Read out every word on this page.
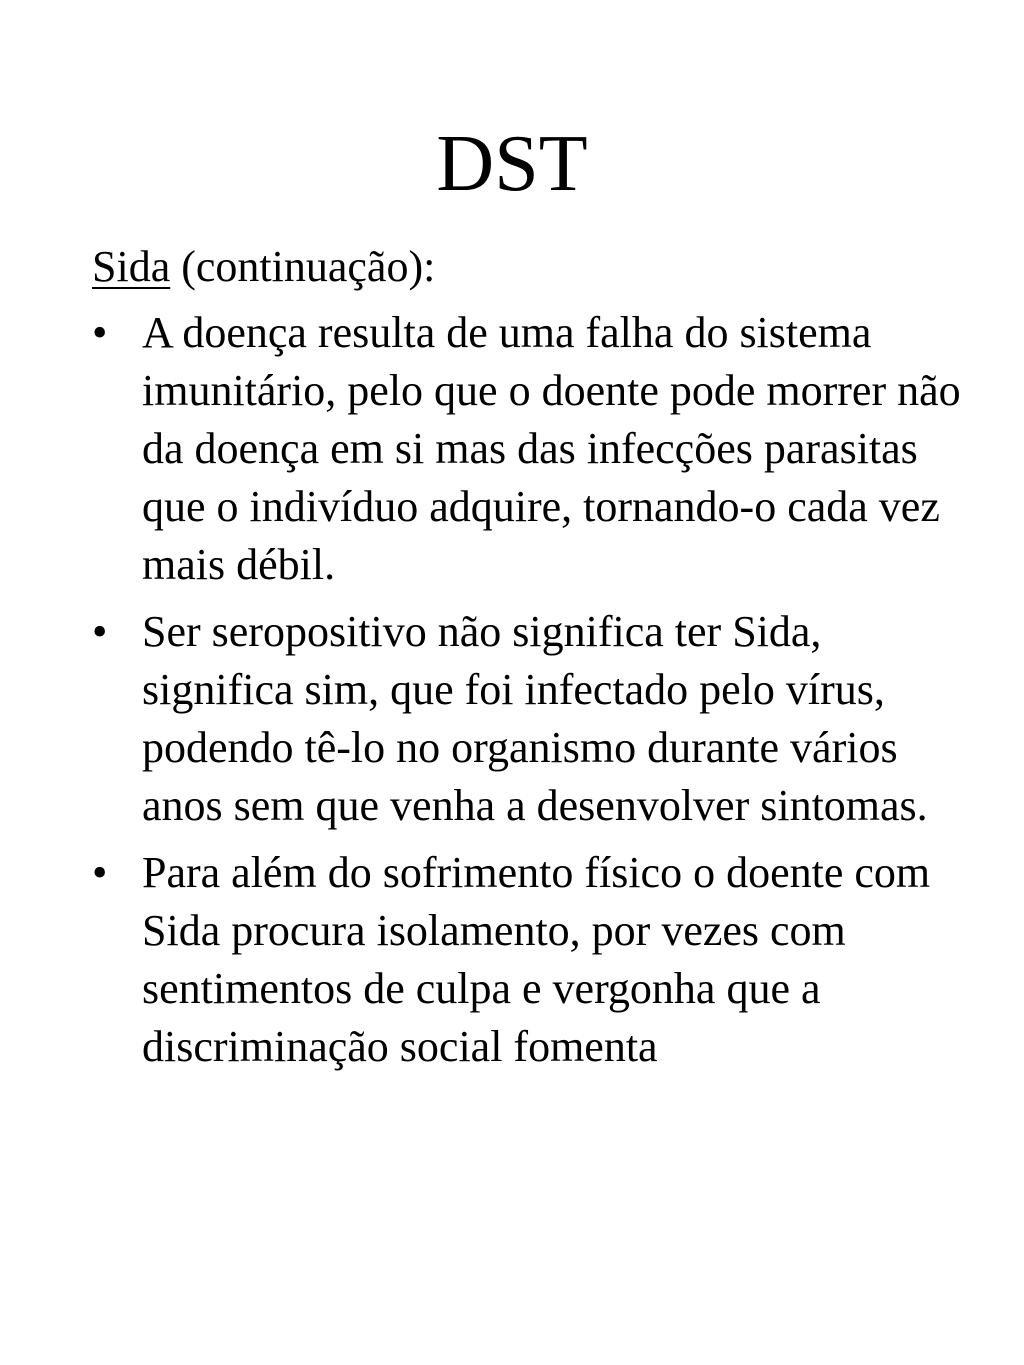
DST

Sida (continuação):

• A doença resulta de uma falha do sistema imunitário, pelo que o doente pode morrer não da doença em si mas das infecções parasitas que o indivíduo adquire, tornando-o cada vez mais débil.
• Ser seropositivo não significa ter Sida, significa sim, que foi infectado pelo vírus, podendo tê-lo no organismo durante vários anos sem que venha a desenvolver sintomas.
• Para além do sofrimento físico o doente com Sida procura isolamento, por vezes com sentimentos de culpa e vergonha que a discriminação social fomenta
